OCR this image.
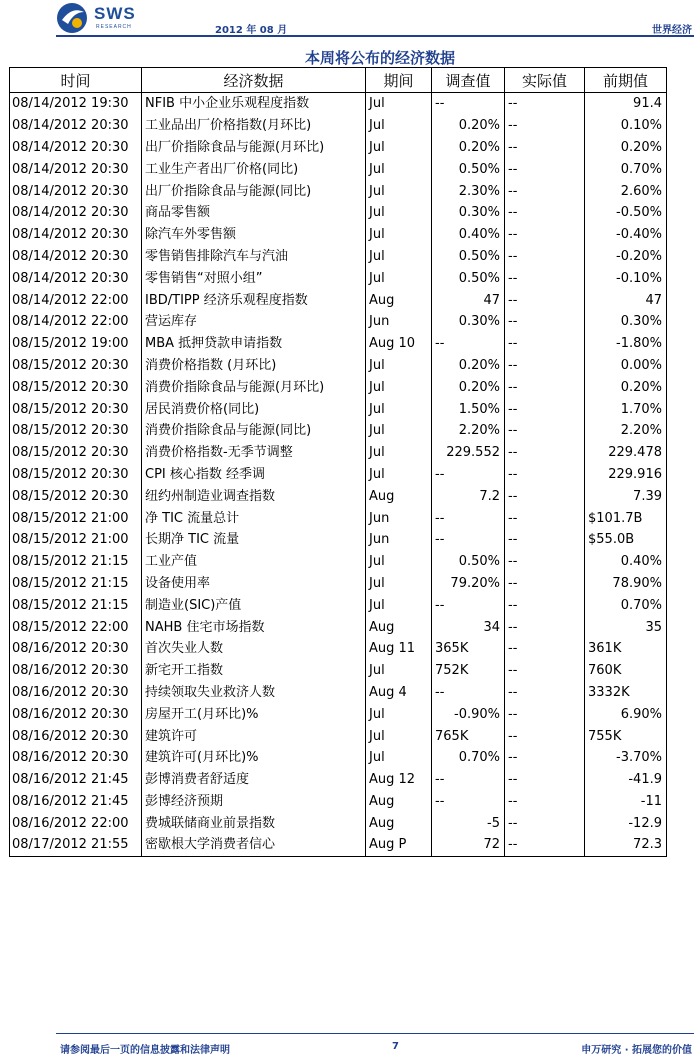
SWS
RESEARCH	2012 年 08 月	世界经济
本周将公布的经济数据
时间	经济数据	期间	调查值	实际值	前期值
08/14/2012 19:30	NFIB 中小企业乐观程度指数	Jul	--	--	91.4
08/14/2012 20:30	工业品出厂价格指数(月环比)	Jul	0.20%	--	0.10%
08/14/2012 20:30	出厂价指除食品与能源(月环比)	Jul	0.20%	--	0.20%
08/14/2012 20:30	工业生产者出厂价格(同比)	Jul	0.50%	--	0.70%
08/14/2012 20:30	出厂价指除食品与能源(同比)	Jul	2.30%	--	2.60%
08/14/2012 20:30	商品零售额	Jul	0.30%	--	-0.50%
08/14/2012 20:30	除汽车外零售额	Jul	0.40%	--	-0.40%
08/14/2012 20:30	零售销售排除汽车与汽油	Jul	0.50%	--	-0.20%
08/14/2012 20:30	零售销售“对照小组”	Jul	0.50%	--	-0.10%
08/14/2012 22:00	IBD/TIPP 经济乐观程度指数	Aug	47	--	47
08/14/2012 22:00	营运库存	Jun	0.30%	--	0.30%
08/15/2012 19:00	MBA 抵押贷款申请指数	Aug 10	--	--	-1.80%
08/15/2012 20:30	消费价格指数 (月环比)	Jul	0.20%	--	0.00%
08/15/2012 20:30	消费价指除食品与能源(月环比)	Jul	0.20%	--	0.20%
08/15/2012 20:30	居民消费价格(同比)	Jul	1.50%	--	1.70%
08/15/2012 20:30	消费价指除食品与能源(同比)	Jul	2.20%	--	2.20%
08/15/2012 20:30	消费价格指数-无季节调整	Jul	229.552	--	229.478
08/15/2012 20:30	CPI 核心指数 经季调	Jul	--	--	229.916
08/15/2012 20:30	纽约州制造业调查指数	Aug	7.2	--	7.39
08/15/2012 21:00	净 TIC 流量总计	Jun	--	--	$101.7B
08/15/2012 21:00	长期净 TIC 流量	Jun	--	--	$55.0B
08/15/2012 21:15	工业产值	Jul	0.50%	--	0.40%
08/15/2012 21:15	设备使用率	Jul	79.20%	--	78.90%
08/15/2012 21:15	制造业(SIC)产值	Jul	--	--	0.70%
08/15/2012 22:00	NAHB 住宅市场指数	Aug	34	--	35
08/16/2012 20:30	首次失业人数	Aug 11	365K	--	361K
08/16/2012 20:30	新宅开工指数	Jul	752K	--	760K
08/16/2012 20:30	持续领取失业救济人数	Aug 4	--	--	3332K
08/16/2012 20:30	房屋开工(月环比)%	Jul	-0.90%	--	6.90%
08/16/2012 20:30	建筑许可	Jul	765K	--	755K
08/16/2012 20:30	建筑许可(月环比)%	Jul	0.70%	--	-3.70%
08/16/2012 21:45	彭博消费者舒适度	Aug 12	--	--	-41.9
08/16/2012 21:45	彭博经济预期	Aug	--	--	-11
08/16/2012 22:00	费城联储商业前景指数	Aug	-5	--	-12.9
08/17/2012 21:55	密歇根大学消费者信心	Aug P	72	--	72.3
请参阅最后一页的信息披露和法律声明	7	申万研究 · 拓展您的价值
